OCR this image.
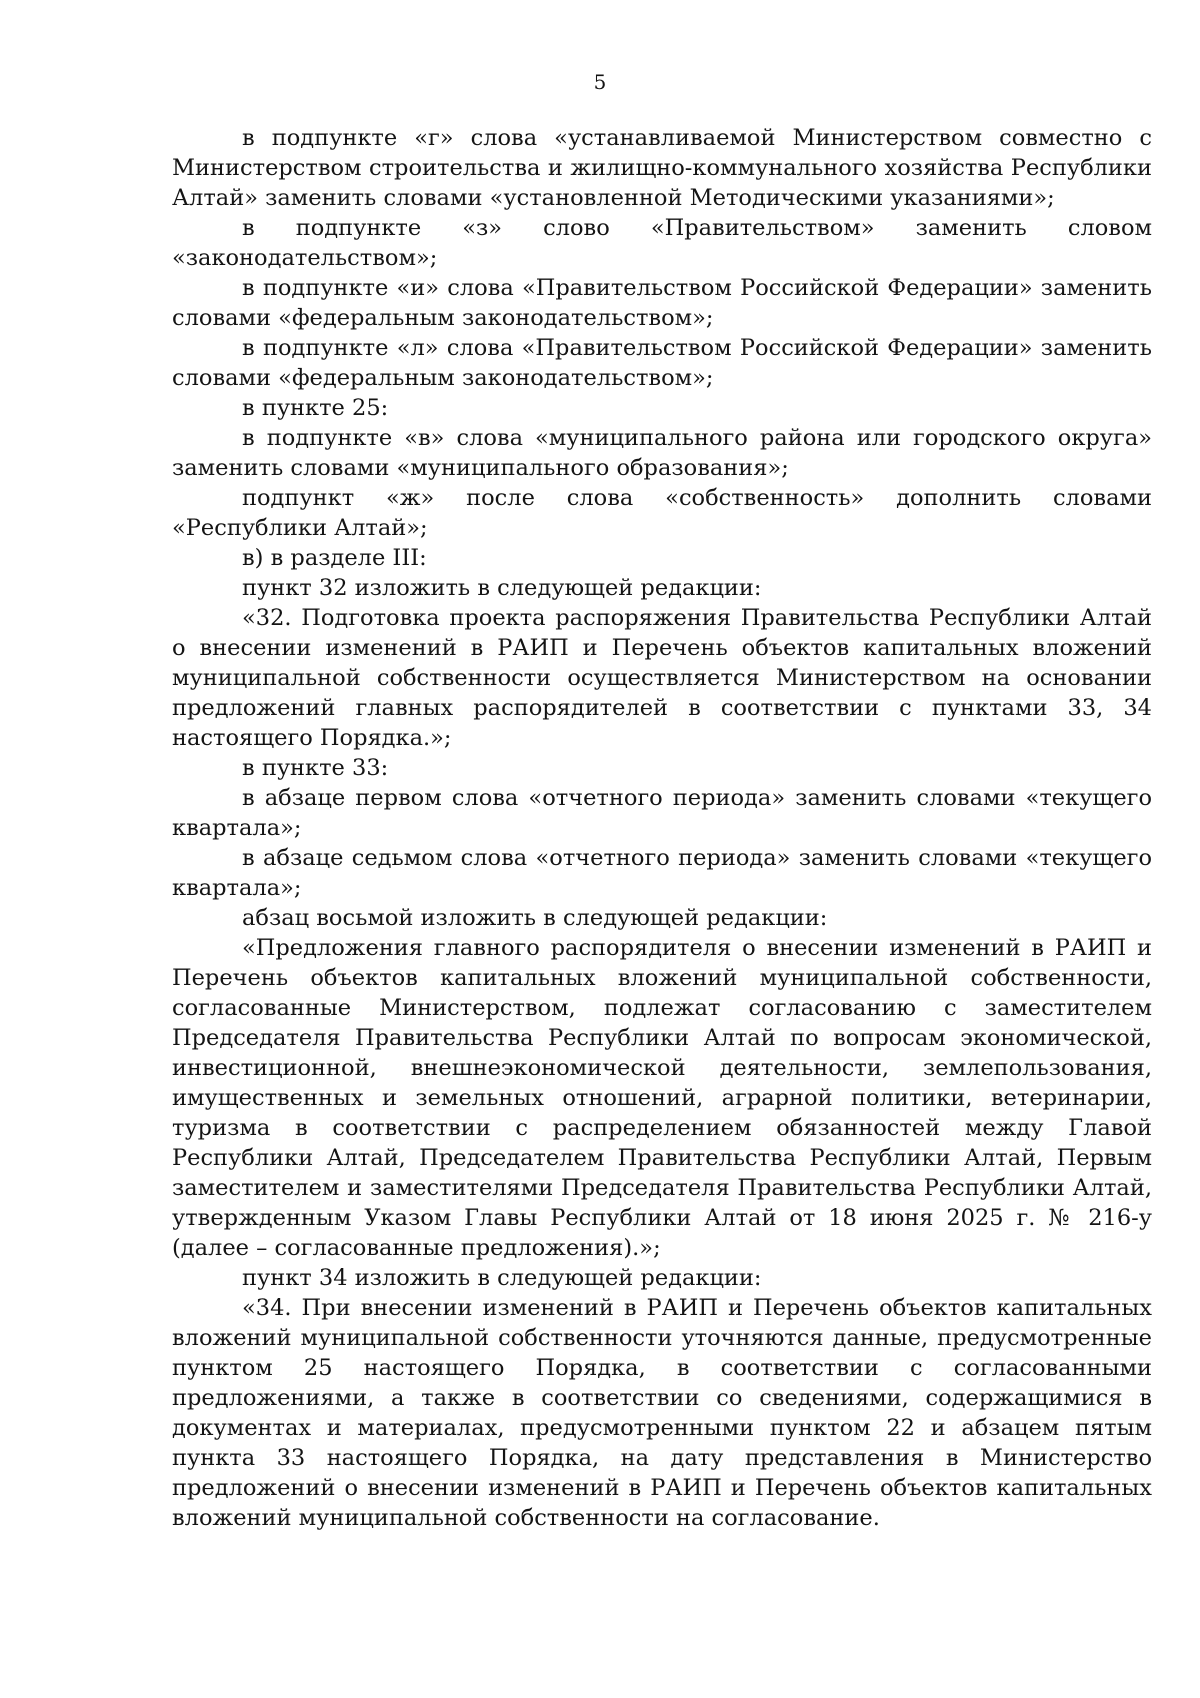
5

в подпункте «г» слова «устанавливаемой Министерством совместно с Министерством строительства и жилищно-коммунального хозяйства Республики Алтай» заменить словами «установленной Методическими указаниями»;

в подпункте «з» слово «Правительством» заменить словом «законодательством»;

в подпункте «и» слова «Правительством Российской Федерации» заменить словами «федеральным законодательством»;

в подпункте «л» слова «Правительством Российской Федерации» заменить словами «федеральным законодательством»;

в пункте 25:

в подпункте «в» слова «муниципального района или городского округа» заменить словами «муниципального образования»;

подпункт «ж» после слова «собственность» дополнить словами «Республики Алтай»;

в) в разделе III:

пункт 32 изложить в следующей редакции:

«32. Подготовка проекта распоряжения Правительства Республики Алтай о внесении изменений в РАИП и Перечень объектов капитальных вложений муниципальной собственности осуществляется Министерством на основании предложений главных распорядителей в соответствии с пунктами 33, 34 настоящего Порядка.»;

в пункте 33:

в абзаце первом слова «отчетного периода» заменить словами «текущего квартала»;

в абзаце седьмом слова «отчетного периода» заменить словами «текущего квартала»;

абзац восьмой изложить в следующей редакции:

«Предложения главного распорядителя о внесении изменений в РАИП и Перечень объектов капитальных вложений муниципальной собственности, согласованные Министерством, подлежат согласованию с заместителем Председателя Правительства Республики Алтай по вопросам экономической, инвестиционной, внешнеэкономической деятельности, землепользования, имущественных и земельных отношений, аграрной политики, ветеринарии, туризма в соответствии с распределением обязанностей между Главой Республики Алтай, Председателем Правительства Республики Алтай, Первым заместителем и заместителями Председателя Правительства Республики Алтай, утвержденным Указом Главы Республики Алтай от 18 июня 2025 г. № 216-у (далее – согласованные предложения).»;

пункт 34 изложить в следующей редакции:

«34. При внесении изменений в РАИП и Перечень объектов капитальных вложений муниципальной собственности уточняются данные, предусмотренные пунктом 25 настоящего Порядка, в соответствии с согласованными предложениями, а также в соответствии со сведениями, содержащимися в документах и материалах, предусмотренными пунктом 22 и абзацем пятым пункта 33 настоящего Порядка, на дату представления в Министерство предложений о внесении изменений в РАИП и Перечень объектов капитальных вложений муниципальной собственности на согласование.
